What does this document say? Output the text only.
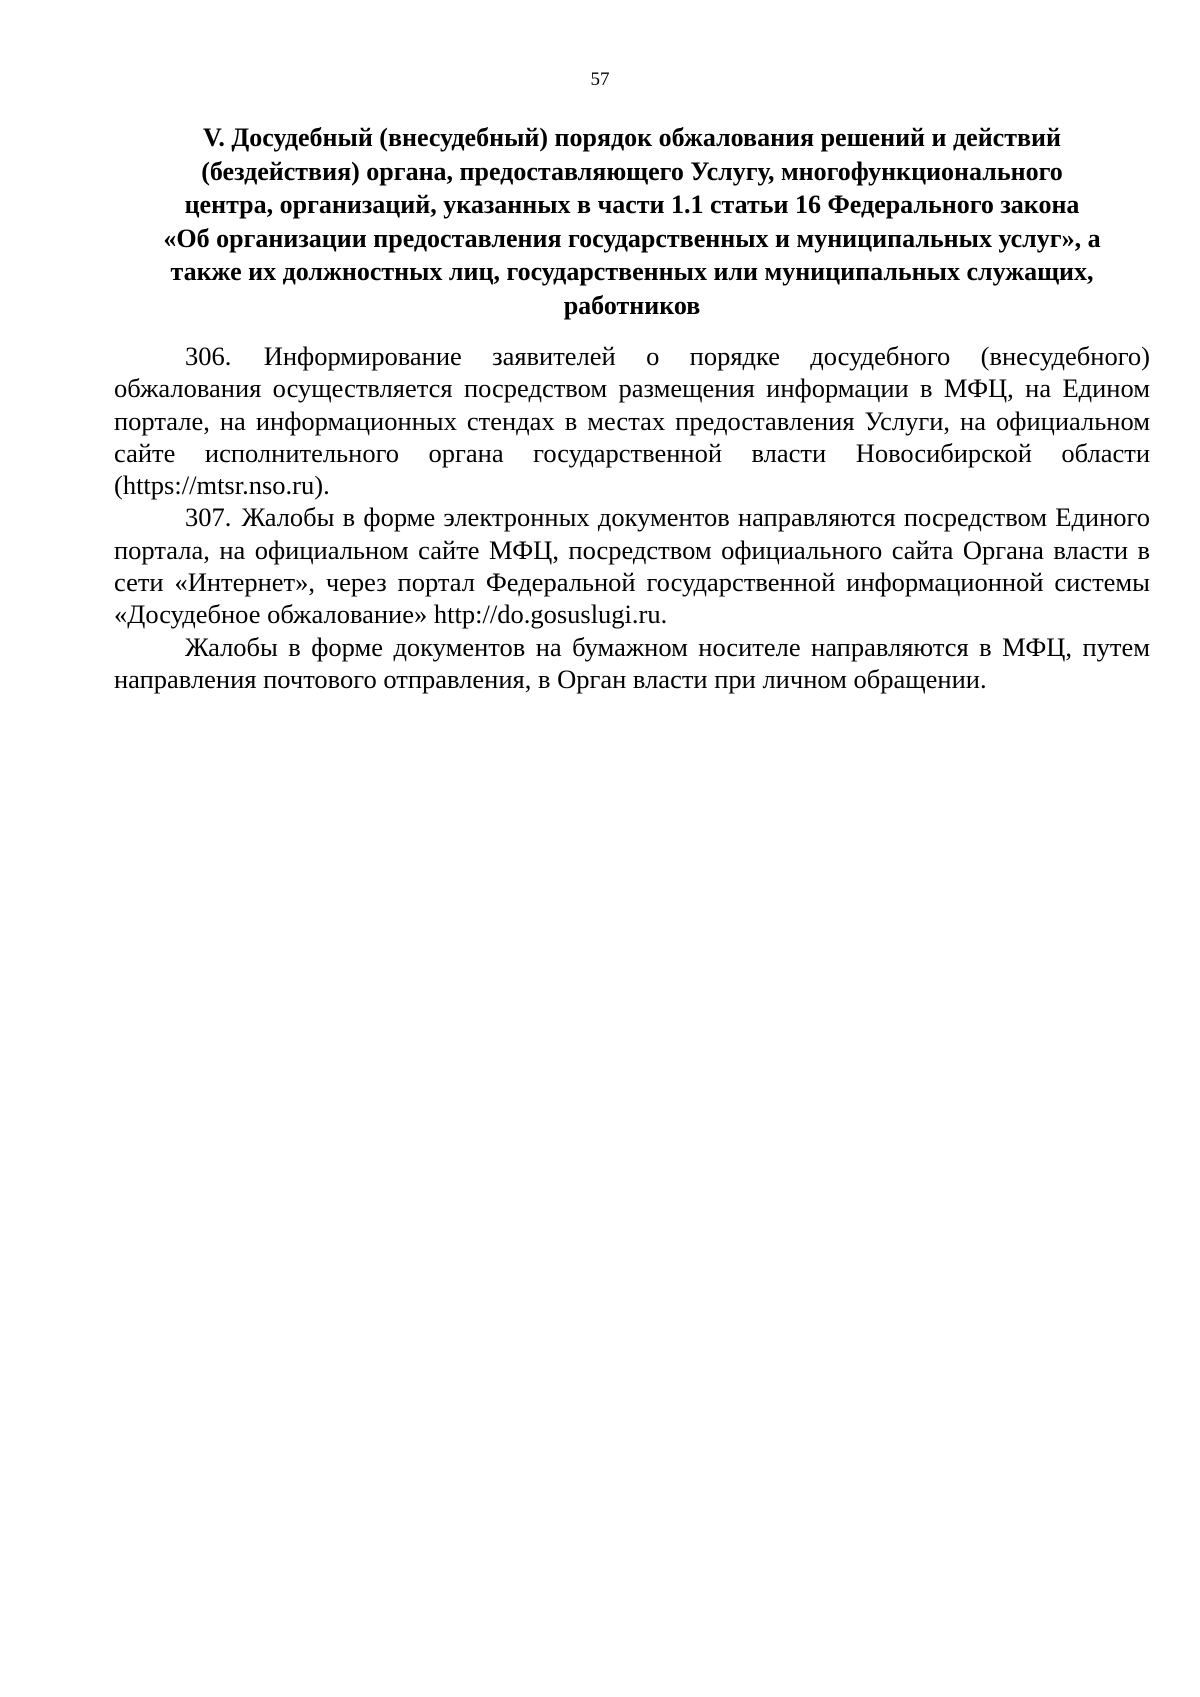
57
V. Досудебный (внесудебный) порядок обжалования решений и действий
(бездействия) органа, предоставляющего Услугу, многофункционального
центра, организаций, указанных в части 1.1 статьи 16 Федерального закона
«Об организации предоставления государственных и муниципальных услуг», а
также их должностных лиц, государственных или муниципальных служащих,
работников

306. Информирование заявителей о порядке досудебного (внесудебного) обжалования осуществляется посредством размещения информации в МФЦ, на Едином портале, на информационных стендах в местах предоставления Услуги, на официальном сайте исполнительного органа государственной власти Новосибирской области (https://mtsr.nso.ru).

307. Жалобы в форме электронных документов направляются посредством Единого портала, на официальном сайте МФЦ, посредством официального сайта Органа власти в сети «Интернет», через портал Федеральной государственной информационной системы «Досудебное обжалование» http://do.gosuslugi.ru.

Жалобы в форме документов на бумажном носителе направляются в МФЦ, путем направления почтового отправления, в Орган власти при личном обращении.
